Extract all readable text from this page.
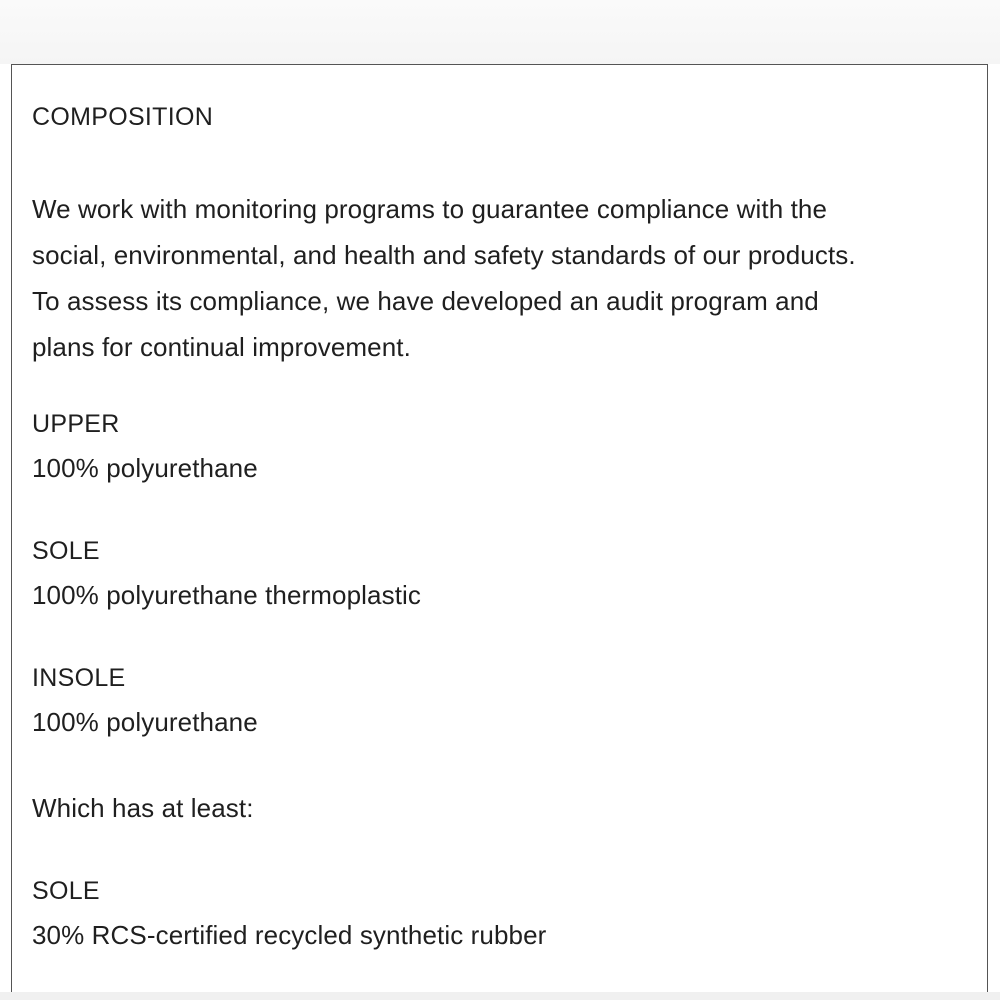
COMPOSITION

We work with monitoring programs to guarantee compliance with the
social, environmental, and health and safety standards of our products.
To assess its compliance, we have developed an audit program and
plans for continual improvement.

UPPER

100% polyurethane

SOLE

100% polyurethane thermoplastic

INSOLE

100% polyurethane

Which has at least:

SOLE

30% RCS-certified recycled synthetic rubber
